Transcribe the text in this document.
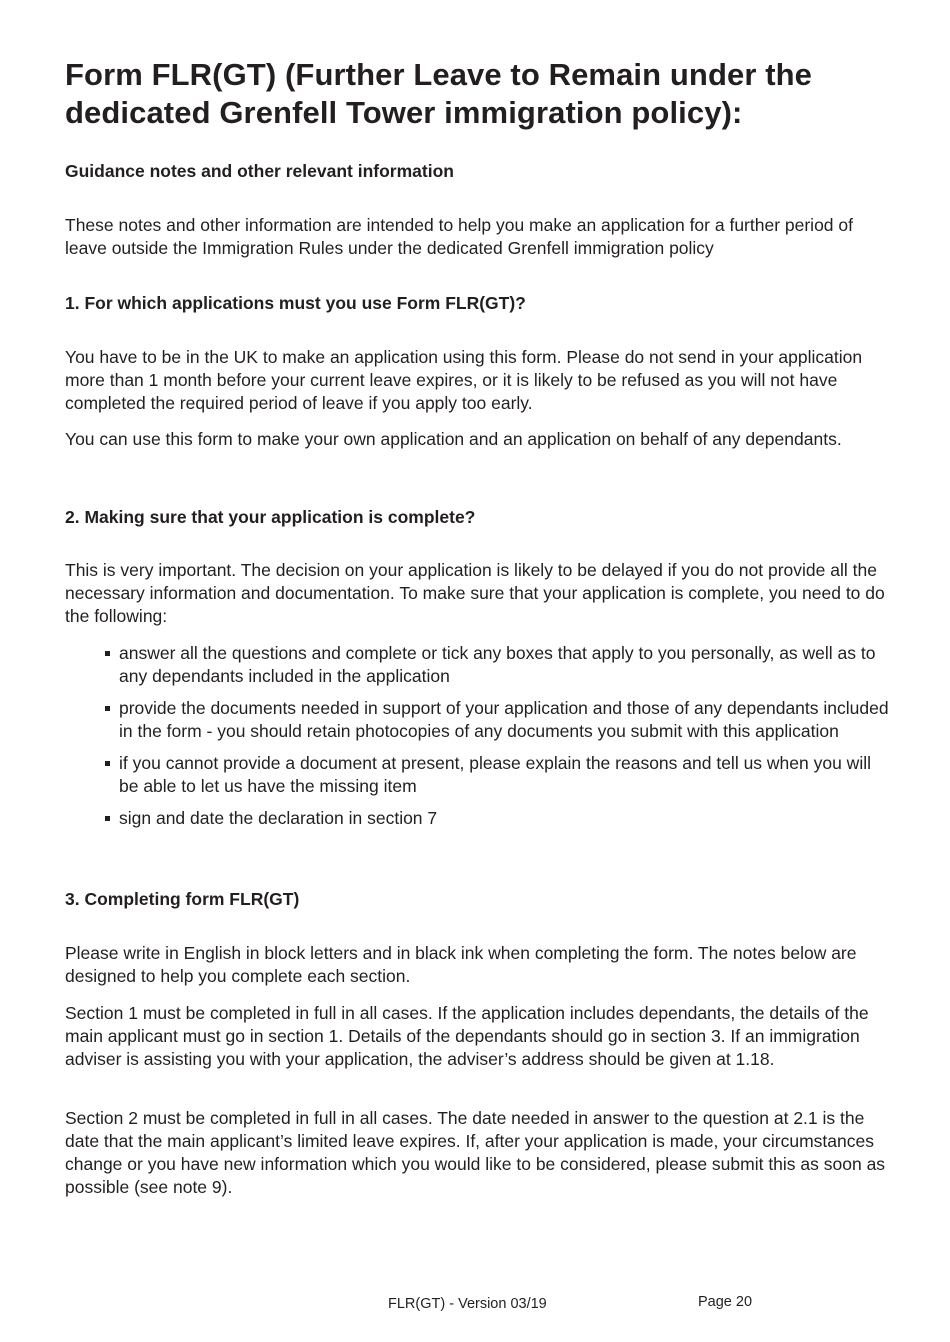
Form FLR(GT) (Further Leave to Remain under the dedicated Grenfell Tower immigration policy):

Guidance notes and other relevant information

These notes and other information are intended to help you make an application for a further period of leave outside the Immigration Rules under the dedicated Grenfell immigration policy

1. For which applications must you use Form FLR(GT)?

You have to be in the UK to make an application using this form. Please do not send in your application more than 1 month before your current leave expires, or it is likely to be refused as you will not have completed the required period of leave if you apply too early.

You can use this form to make your own application and an application on behalf of any dependants.

2. Making sure that your application is complete?

This is very important. The decision on your application is likely to be delayed if you do not provide all the necessary information and documentation. To make sure that your application is complete, you need to do the following:

answer all the questions and complete or tick any boxes that apply to you personally, as well as to any dependants included in the application
provide the documents needed in support of your application and those of any dependants included in the form - you should retain photocopies of any documents you submit with this application
if you cannot provide a document at present, please explain the reasons and tell us when you will be able to let us have the missing item
sign and date the declaration in section 7

3. Completing form FLR(GT)

Please write in English in block letters and in black ink when completing the form. The notes below are designed to help you complete each section.

Section 1 must be completed in full in all cases. If the application includes dependants, the details of the main applicant must go in section 1. Details of the dependants should go in section 3. If an immigration adviser is assisting you with your application, the adviser’s address should be given at 1.18.

Section 2 must be completed in full in all cases. The date needed in answer to the question at 2.1 is the date that the main applicant’s limited leave expires. If, after your application is made, your circumstances change or you have new information which you would like to be considered, please submit this as soon as possible (see note 9).

FLR(GT) - Version 03/19	Page 20
